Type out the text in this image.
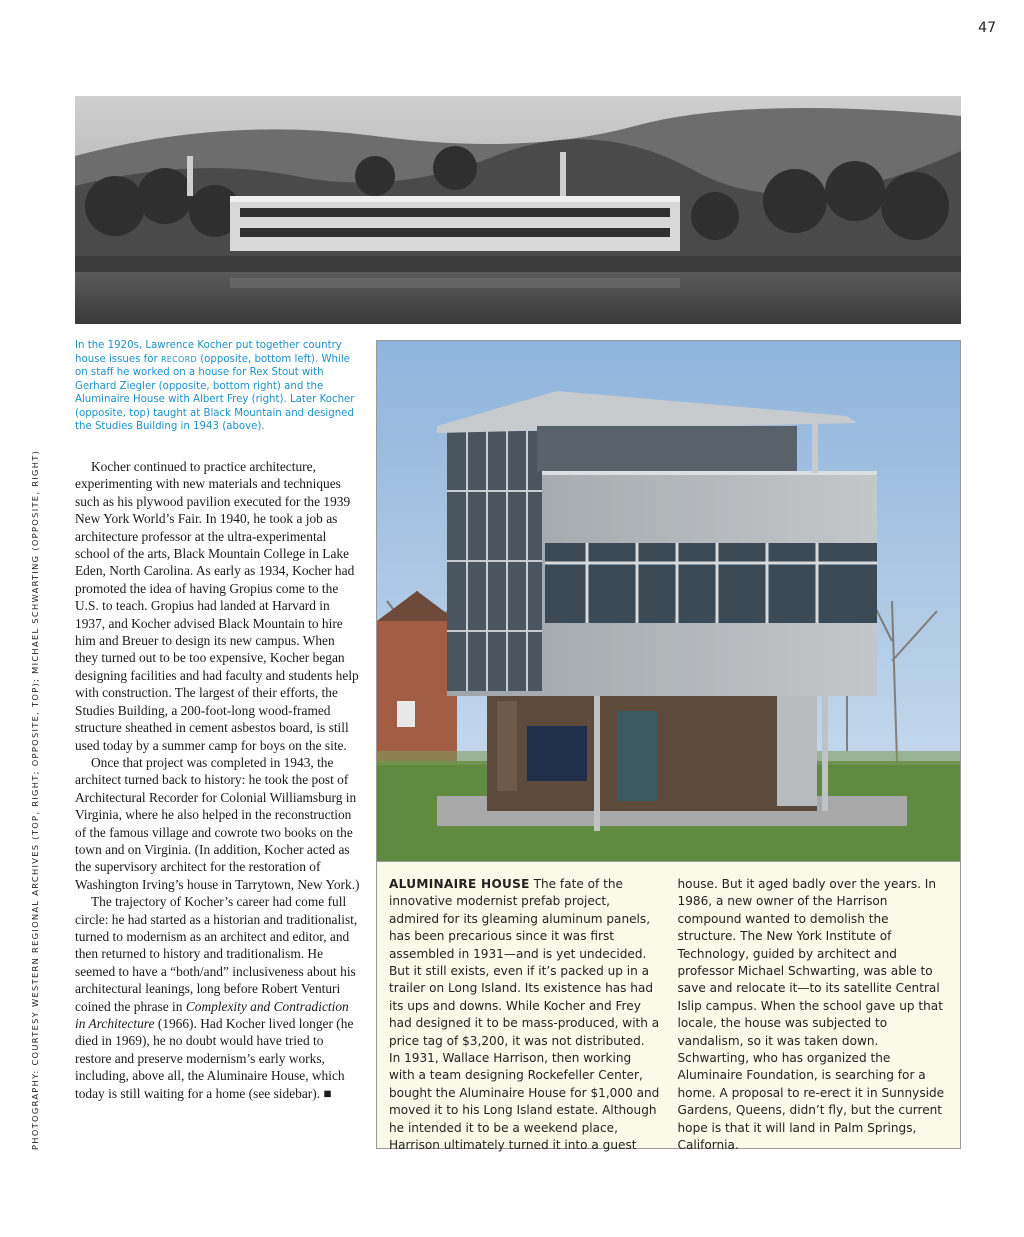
47
In the 1920s, Lawrence Kocher put together country house issues for RECORD (opposite, bottom left). While on staff he worked on a house for Rex Stout with Gerhard Ziegler (opposite, bottom right) and the Aluminaire House with Albert Frey (right). Later Kocher (opposite, top) taught at Black Mountain and designed the Studies Building in 1943 (above).
PHOTOGRAPHY: COURTESY WESTERN REGIONAL ARCHIVES (TOP, RIGHT; OPPOSITE, TOP); MICHAEL SCHWARTING (OPPOSITE, RIGHT)	Kocher continued to practice architecture, experimenting with new materials and techniques such as his plywood pavilion executed for the 1939 New York World’s Fair. In 1940, he took a job as architecture professor at the ultra-experimental school of the arts, Black Mountain College in Lake Eden, North Carolina. As early as 1934, Kocher had promoted the idea of having Gropius come to the U.S. to teach. Gropius had landed at Harvard in 1937, and Kocher advised Black Mountain to hire him and Breuer to design its new campus. When they turned out to be too expensive, Kocher began designing facilities and had faculty and students help with construction. The largest of their efforts, the Studies Building, a 200-foot-long wood-framed structure sheathed in cement asbestos board, is still used today by a summer camp for boys on the site.

Once that project was completed in 1943, the architect turned back to history: he took the post of Architectural Recorder for Colonial Williamsburg in Virginia, where he also helped in the reconstruction of the famous village and cowrote two books on the town and on Virginia. (In addition, Kocher acted as the supervisory architect for the restoration of Washington Irving’s house in Tarrytown, New York.)

The trajectory of Kocher’s career had come full circle: he had started as a historian and traditionalist, turned to modernism as an architect and editor, and then returned to history and traditionalism. He seemed to have a “both/and” inclusiveness about his architectural leanings, long before Robert Venturi coined the phrase in Complexity and Contradiction in Architecture (1966). Had Kocher lived longer (he died in 1969), he no doubt would have tried to restore and preserve modernism’s early works, including, above all, the Aluminaire House, which today is still waiting for a home (see sidebar). ■

ALUMINAIRE HOUSE The fate of the innovative modernist prefab project, admired for its gleaming aluminum panels, has been precarious since it was first assembled in 1931—and is yet undecided. But it still exists, even if it’s packed up in a trailer on Long Island. Its existence has had its ups and downs. While Kocher and Frey had designed it to be mass-produced, with a price tag of $3,200, it was not distributed. In 1931, Wallace Harrison, then working with a team designing Rockefeller Center, bought the Aluminaire House for $1,000 and moved it to his Long Island estate. Although he intended it to be a weekend place, Harrison ultimately turned it into a guest house. But it aged badly over the years. In 1986, a new owner of the Harrison compound wanted to demolish the structure. The New York Institute of Technology, guided by architect and professor Michael Schwarting, was able to save and relocate it—to its satellite Central Islip campus. When the school gave up that locale, the house was subjected to vandalism, so it was taken down. Schwarting, who has organized the Aluminaire Foundation, is searching for a home. A proposal to re-erect it in Sunnyside Gardens, Queens, didn’t fly, but the current hope is that it will land in Palm Springs, California.
